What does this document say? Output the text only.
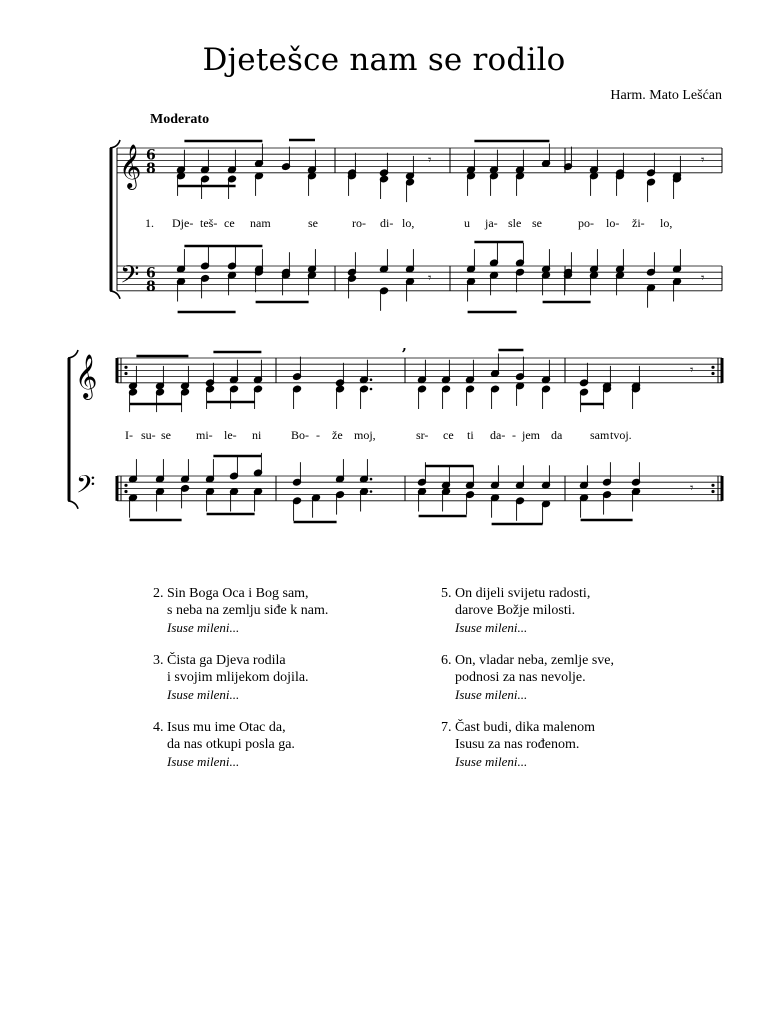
Djetešce nam se rodilo
Harm. Mato Lešćan
Moderato
𝄞
𝄢
𝄞
𝄢
6
8
6
8
𝄾	𝄾
𝄾	𝄾
𝄾
𝄾
,
1. Dje- teš- ce nam	se	ro- di- lo,	u ja- sle se	po- lo- ži- lo,
I- su- se mi- le- ni Bo- - že moj,	sr- ce ti da- - jem da sam tvoj.
2. Sin Boga Oca i Bog sam,
s neba na zemlju siđe k nam.
Isuse mileni...
3. Čista ga Djeva rodila
i svojim mlijekom dojila.
Isuse mileni...
4. Isus mu ime Otac da,
da nas otkupi posla ga.
Isuse mileni...
5. On dijeli svijetu radosti,
darove Božje milosti.
Isuse mileni...
6. On, vladar neba, zemlje sve,
podnosi za nas nevolje.
Isuse mileni...
7. Čast budi, dika malenom
Isusu za nas rođenom.
Isuse mileni...
